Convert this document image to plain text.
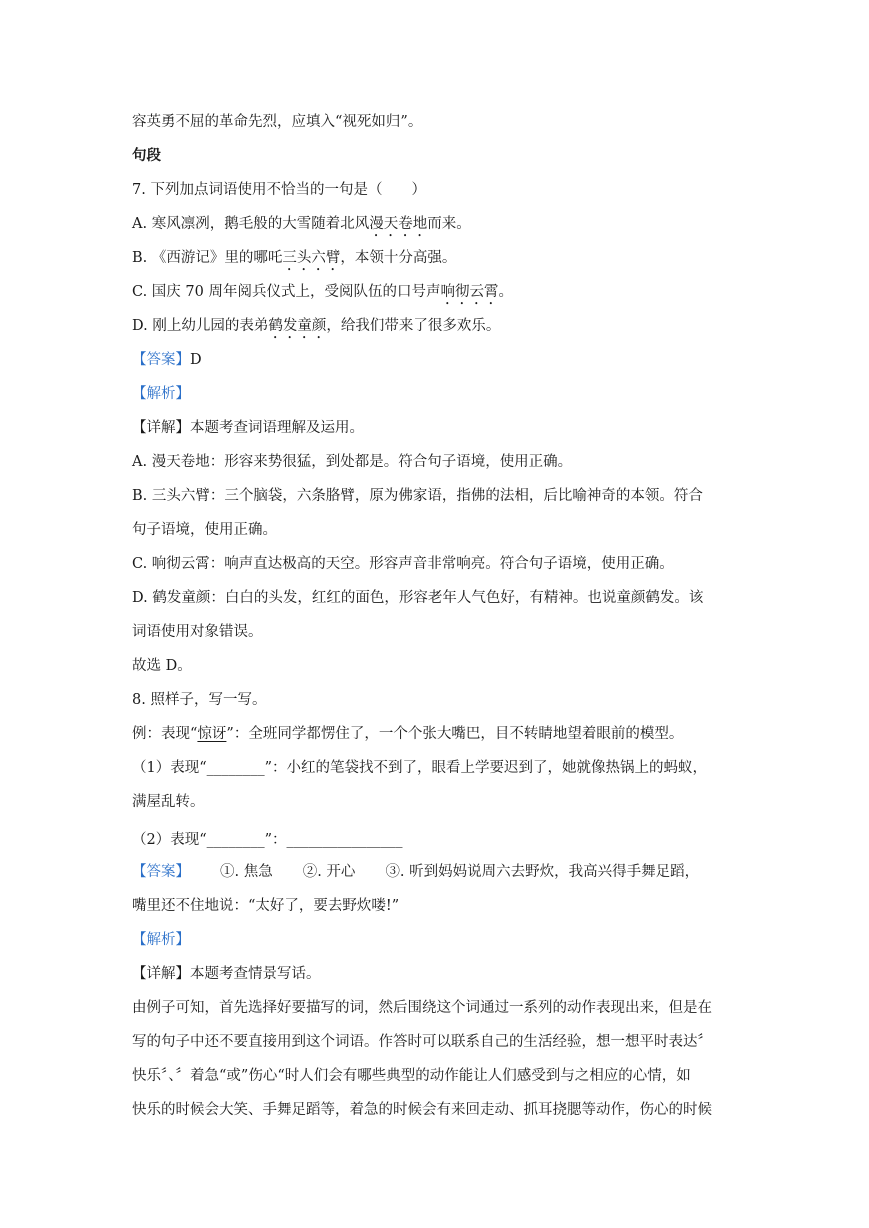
容英勇不屈的革命先烈，应填入“视死如归”。
句段
7. 下列加点词语使用不恰当的一句是（　　）
A. 寒风凛冽，鹅毛般的大雪随着北风漫天卷地而来。
B. 《西游记》里的哪吒三头六臂，本领十分高强。
C. 国庆 70 周年阅兵仪式上，受阅队伍的口号声响彻云霄。
D. 刚上幼儿园的表弟鹤发童颜，给我们带来了很多欢乐。
【答案】D
【解析】
【详解】本题考查词语理解及运用。
A. 漫天卷地：形容来势很猛，到处都是。符合句子语境，使用正确。
B. 三头六臂：三个脑袋，六条胳臂，原为佛家语，指佛的法相，后比喻神奇的本领。符合
句子语境，使用正确。
C. 响彻云霄：响声直达极高的天空。形容声音非常响亮。符合句子语境，使用正确。
D. 鹤发童颜：白白的头发，红红的面色，形容老年人气色好，有精神。也说童颜鹤发。该
词语使用对象错误。
故选 D。
8. 照样子，写一写。
例：表现“惊讶”：全班同学都愣住了，一个个张大嘴巴，目不转睛地望着眼前的模型。
（1）表现“________”：小红的笔袋找不到了，眼看上学要迟到了，她就像热锅上的蚂蚁，
满屋乱转。
（2）表现“________”：________________
【答案】 ①. 焦急 ②. 开心 ③. 听到妈妈说周六去野炊，我高兴得手舞足蹈，
嘴里还不住地说：“太好了，要去野炊喽!”
【解析】
【详解】本题考查情景写话。
由例子可知，首先选择好要描写的词，然后围绕这个词通过一系列的动作表现出来，但是在
写的句子中还不要直接用到这个词语。作答时可以联系自己的生活经验，想一想平时表达〞
快乐〞、〞着急“或”伤心“时人们会有哪些典型的动作能让人们感受到与之相应的心情，如
快乐的时候会大笑、手舞足蹈等，着急的时候会有来回走动、抓耳挠腮等动作，伤心的时候
